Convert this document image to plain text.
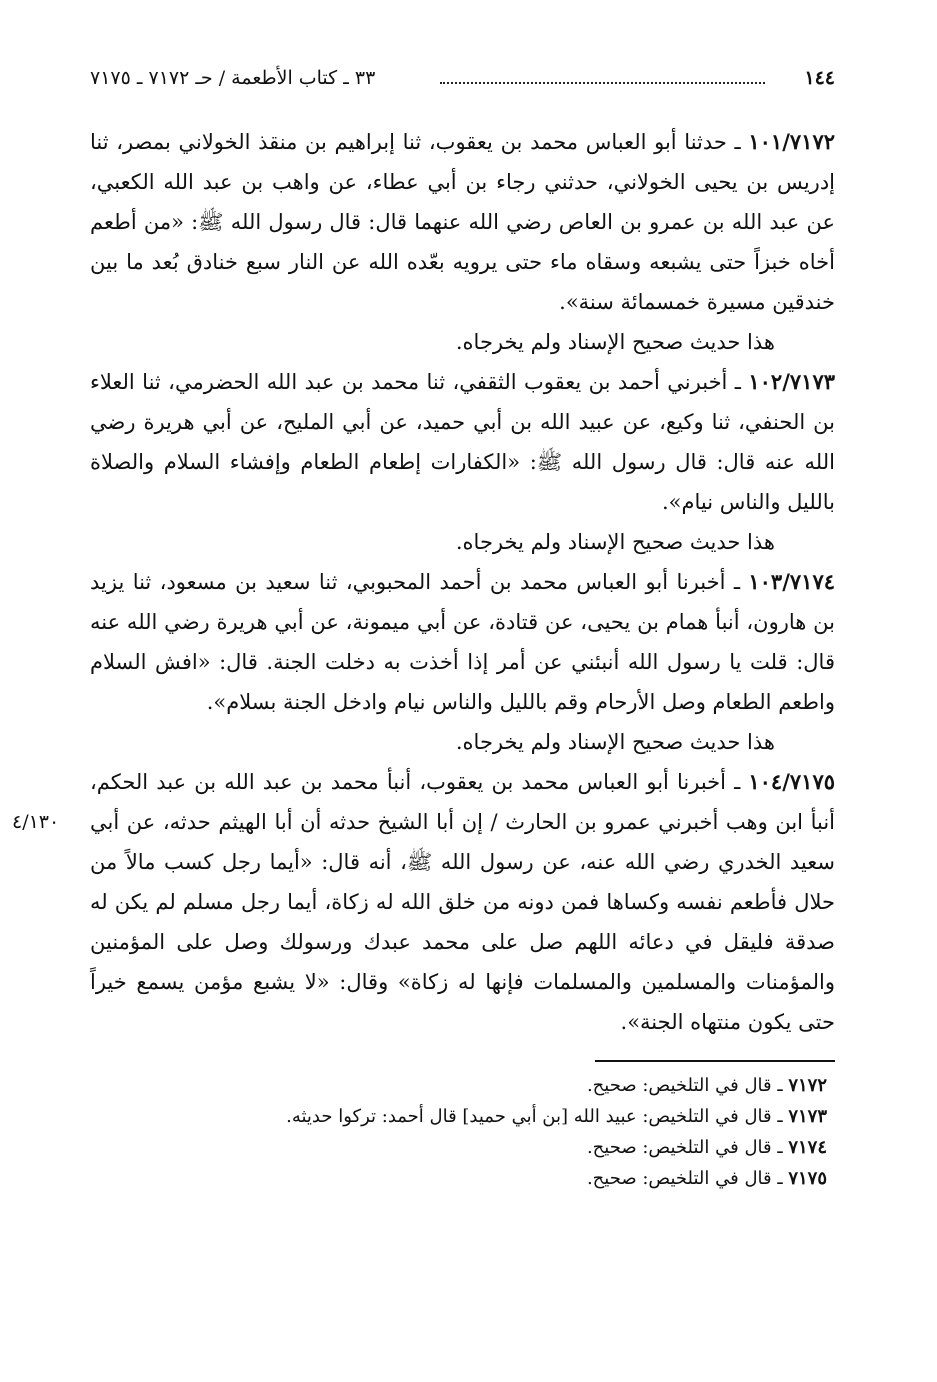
١٤٤
٣٣ ـ كتاب الأطعمة / حـ ٧١٧٢ ـ ٧١٧٥

١٠١/٧١٧٢ ـ حدثنا أبو العباس محمد بن يعقوب، ثنا إبراهيم بن منقذ الخولاني بمصر، ثنا إدريس بن يحيى الخولاني، حدثني رجاء بن أبي عطاء، عن واهب بن عبد الله الكعبي، عن عبد الله بن عمرو بن العاص رضي الله عنهما قال: قال رسول الله ﷺ: «من أطعم أخاه خبزاً حتى يشبعه وسقاه ماء حتى يرويه بعّده الله عن النار سبع خنادق بُعد ما بين خندقين مسيرة خمسمائة سنة».

هذا حديث صحيح الإسناد ولم يخرجاه.

١٠٢/٧١٧٣ ـ أخبرني أحمد بن يعقوب الثقفي، ثنا محمد بن عبد الله الحضرمي، ثنا العلاء بن الحنفي، ثنا وكيع، عن عبيد الله بن أبي حميد، عن أبي المليح، عن أبي هريرة رضي الله عنه قال: قال رسول الله ﷺ: «الكفارات إطعام الطعام وإفشاء السلام والصلاة بالليل والناس نيام».

هذا حديث صحيح الإسناد ولم يخرجاه.

١٠٣/٧١٧٤ ـ أخبرنا أبو العباس محمد بن أحمد المحبوبي، ثنا سعيد بن مسعود، ثنا يزيد بن هارون، أنبأ همام بن يحيى، عن قتادة، عن أبي ميمونة، عن أبي هريرة رضي الله عنه قال: قلت يا رسول الله أنبئني عن أمر إذا أخذت به دخلت الجنة. قال: «افش السلام واطعم الطعام وصل الأرحام وقم بالليل والناس نيام وادخل الجنة بسلام».

هذا حديث صحيح الإسناد ولم يخرجاه.

٤/١٣٠

١٠٤/٧١٧٥ ـ أخبرنا أبو العباس محمد بن يعقوب، أنبأ محمد بن عبد الله بن عبد الحكم، أنبأ ابن وهب أخبرني عمرو بن الحارث / إن أبا الشيخ حدثه أن أبا الهيثم حدثه، عن أبي سعيد الخدري رضي الله عنه، عن رسول الله ﷺ، أنه قال: «أيما رجل كسب مالاً من حلال فأطعم نفسه وكساها فمن دونه من خلق الله له زكاة، أيما رجل مسلم لم يكن له صدقة فليقل في دعائه اللهم صل على محمد عبدك ورسولك وصل على المؤمنين والمؤمنات والمسلمين والمسلمات فإنها له زكاة» وقال: «لا يشبع مؤمن يسمع خيراً حتى يكون منتهاه الجنة».

٧١٧٢ ـ قال في التلخيص: صحيح.
٧١٧٣ ـ قال في التلخيص: عبيد الله [بن أبي حميد] قال أحمد: تركوا حديثه.
٧١٧٤ ـ قال في التلخيص: صحيح.
٧١٧٥ ـ قال في التلخيص: صحيح.
